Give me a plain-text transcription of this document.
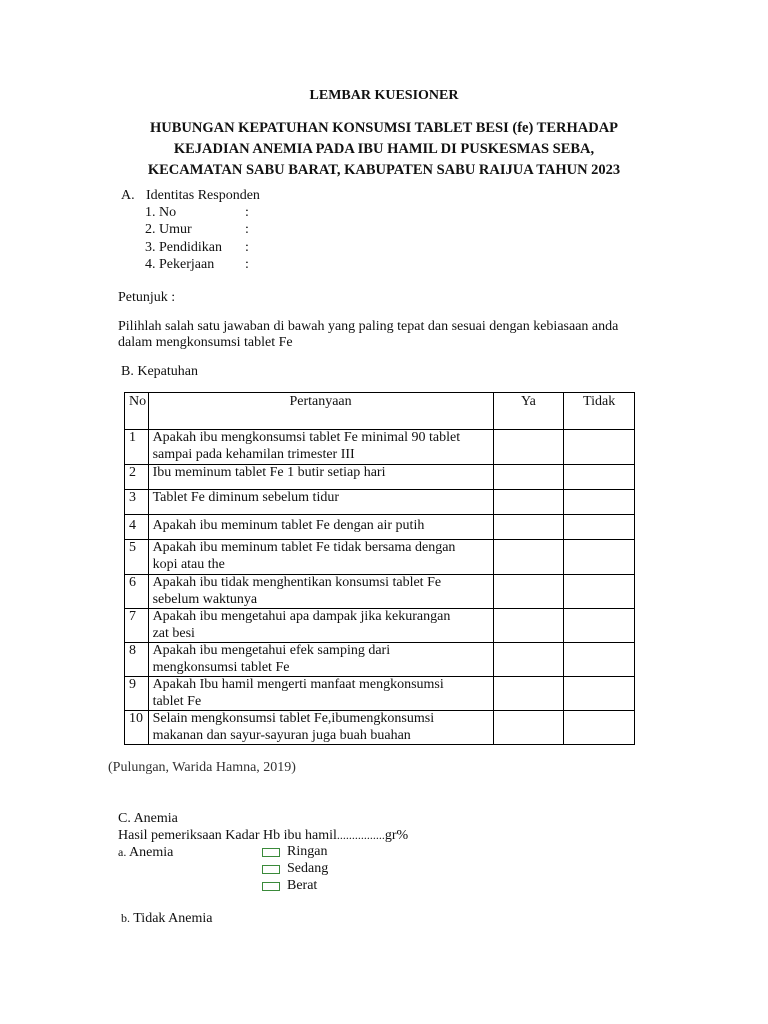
LEMBAR KUESIONER
HUBUNGAN KEPATUHAN KONSUMSI TABLET BESI (fe) TERHADAP
KEJADIAN ANEMIA PADA IBU HAMIL DI PUSKESMAS SEBA,
KECAMATAN SABU BARAT, KABUPATEN SABU RAIJUA TAHUN 2023
A. Identitas Responden
1. No	:
2. Umur	:
3. Pendidikan	:
4. Pekerjaan	:
Petunjuk :
Pilihlah salah satu jawaban di bawah yang paling tepat dan sesuai dengan kebiasaan anda
dalam mengkonsumsi tablet Fe
B. Kepatuhan
No	Pertanyaan	Ya	Tidak
1	Apakah ibu mengkonsumsi tablet Fe minimal 90 tablet
sampai pada kehamilan trimester III		

2	Ibu meminum tablet Fe 1 butir setiap hari		
3	Tablet Fe diminum sebelum tidur		
4	Apakah ibu meminum tablet Fe dengan air putih		
5	Apakah ibu meminum tablet Fe tidak bersama dengan
kopi atau the		

6	Apakah ibu tidak menghentikan konsumsi tablet Fe
sebelum waktunya		

7	Apakah ibu mengetahui apa dampak jika kekurangan
zat besi		

8	Apakah ibu mengetahui efek samping dari
mengkonsumsi tablet Fe		

9	Apakah Ibu hamil mengerti manfaat mengkonsumsi
tablet Fe		

10	Selain mengkonsumsi tablet Fe,ibumengkonsumsi
makanan dan sayur-sayuran juga buah buahan		

(Pulungan, Warida Hamna, 2019)
C. Anemia
Hasil pemeriksaan Kadar Hb ibu hamil................gr%
a. Anemia	Ringan
Sedang
Berat
b. Tidak Anemia
